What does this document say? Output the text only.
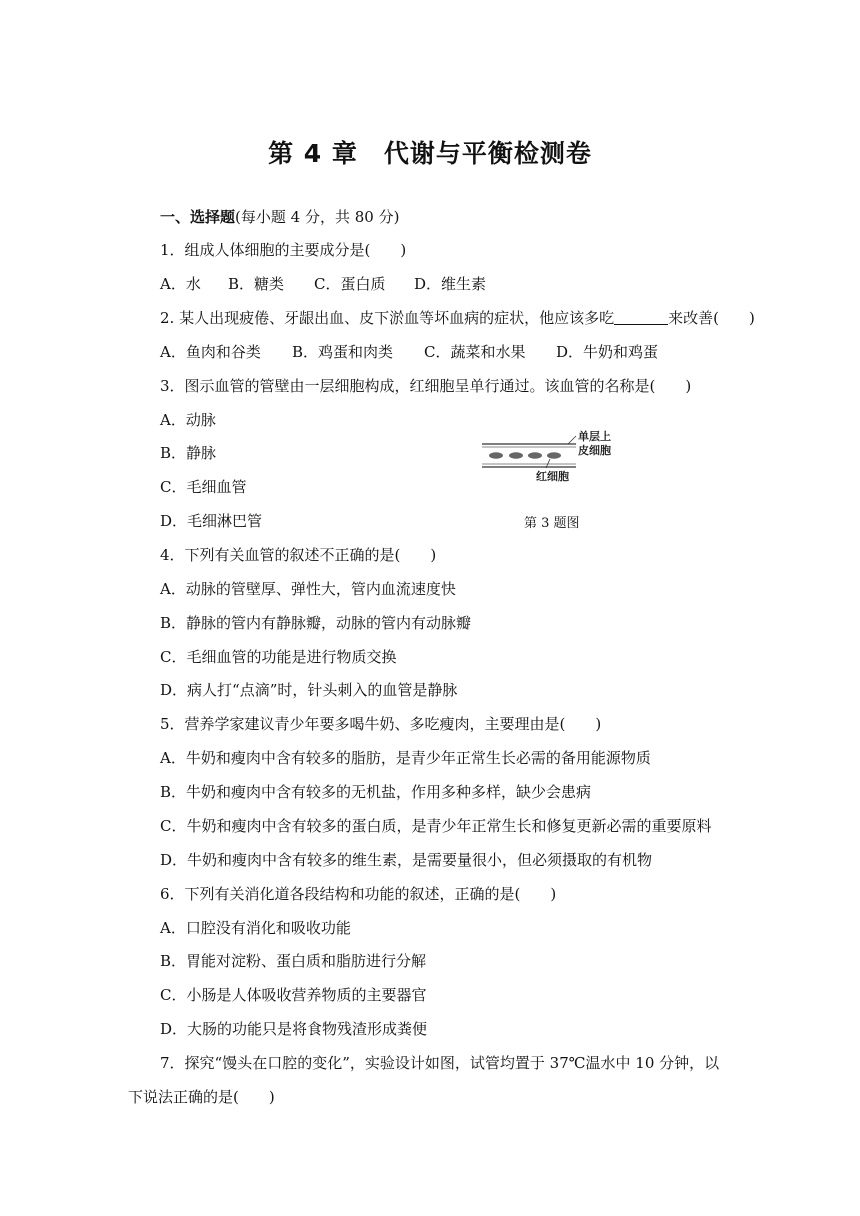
第 4 章　代谢与平衡检测卷
一、选择题(每小题 4 分，共 80 分)
1．组成人体细胞的主要成分是(　　)
A．水 B．糖类 C．蛋白质 D．维生素
2. 某人出现疲倦、牙龈出血、皮下淤血等坏血病的症状，他应该多吃	来改善(　　)
A．鱼肉和谷类 B．鸡蛋和肉类 C．蔬菜和水果 D．牛奶和鸡蛋
3．图示血管的管壁由一层细胞构成，红细胞呈单行通过。该血管的名称是(　　)
A．动脉
B．静脉
C．毛细血管
D．毛细淋巴管
单层上
皮细胞
红细胞
第 3 题图
4．下列有关血管的叙述不正确的是(　　)
A．动脉的管壁厚、弹性大，管内血流速度快
B．静脉的管内有静脉瓣，动脉的管内有动脉瓣
C．毛细血管的功能是进行物质交换
D．病人打“点滴”时，针头刺入的血管是静脉
5．营养学家建议青少年要多喝牛奶、多吃瘦肉，主要理由是(　　)
A．牛奶和瘦肉中含有较多的脂肪，是青少年正常生长必需的备用能源物质
B．牛奶和瘦肉中含有较多的无机盐，作用多种多样，缺少会患病
C．牛奶和瘦肉中含有较多的蛋白质，是青少年正常生长和修复更新必需的重要原料
D．牛奶和瘦肉中含有较多的维生素，是需要量很小，但必须摄取的有机物
6．下列有关消化道各段结构和功能的叙述，正确的是(　　)
A．口腔没有消化和吸收功能
B．胃能对淀粉、蛋白质和脂肪进行分解
C．小肠是人体吸收营养物质的主要器官
D．大肠的功能只是将食物残渣形成粪便
7．探究“馒头在口腔的变化”，实验设计如图，试管均置于 37℃温水中 10 分钟，以
下说法正确的是(　　)
